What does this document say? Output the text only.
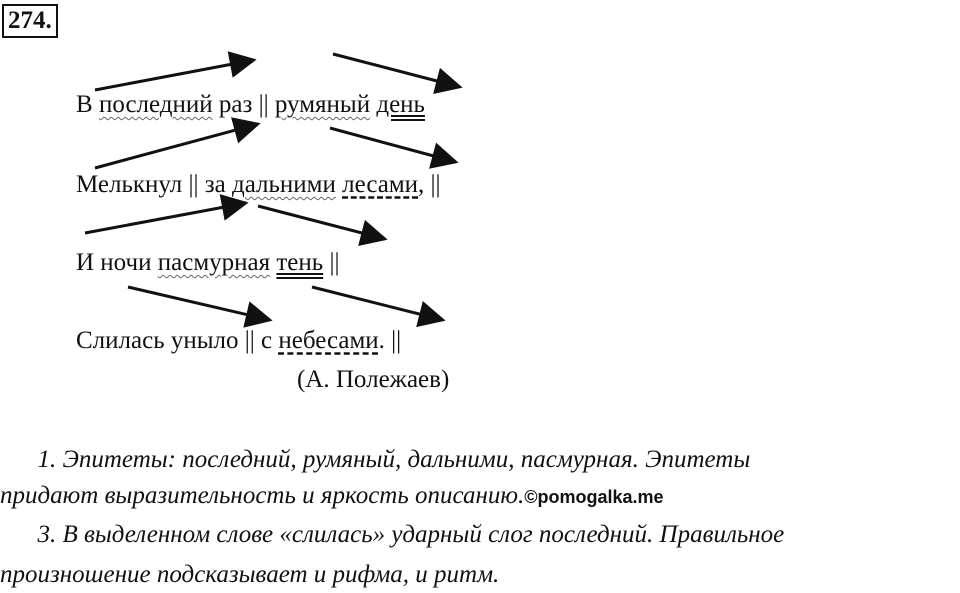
274.
В последний раз || румяный день
Мелькнул || за дальними лесами, ||
И ночи пасмурная тень ||
Слилась уныло || с небесами. ||
(А. Полежаев)
1. Эпитеты: последний, румяный, дальними, пасмурная. Эпитеты
придают выразительность и яркость описанию.©pomogalka.me
3. В выделенном слове «слилась» ударный слог последний. Правильное
произношение подсказывает и рифма, и ритм.
